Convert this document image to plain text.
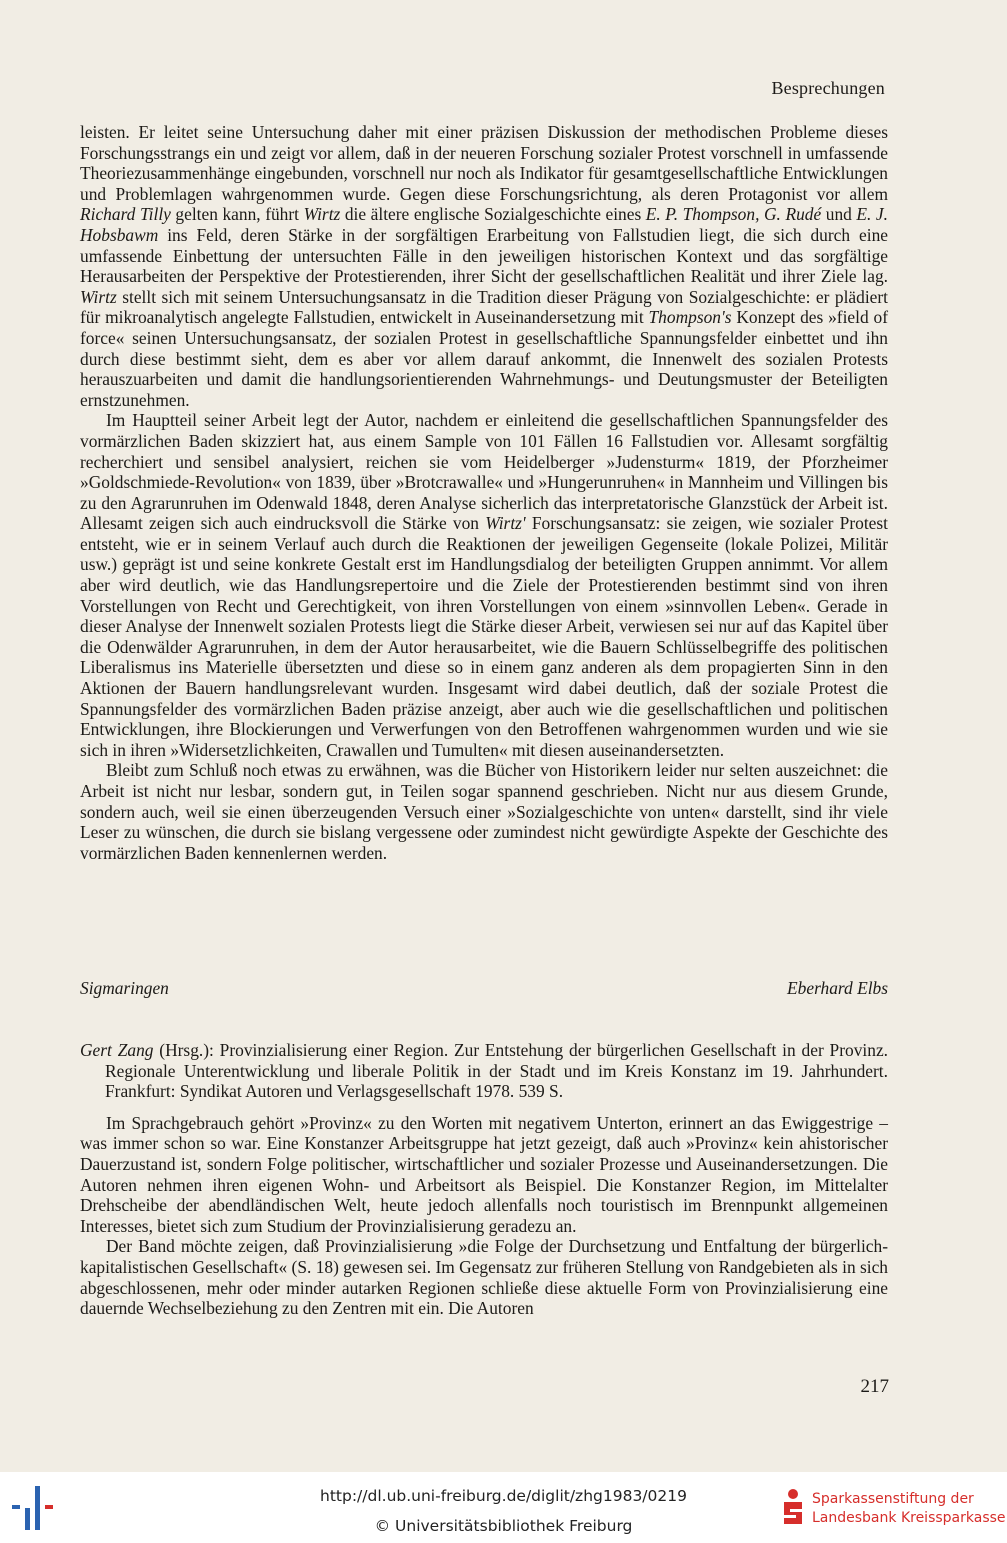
Besprechungen

leisten. Er leitet seine Untersuchung daher mit einer präzisen Diskussion der methodischen Probleme dieses Forschungsstrangs ein und zeigt vor allem, daß in der neueren Forschung sozialer Protest vorschnell in umfassende Theoriezusammenhänge eingebunden, vorschnell nur noch als Indikator für gesamtgesellschaftliche Entwicklungen und Problemlagen wahrgenommen wurde. Gegen diese Forschungsrichtung, als deren Protagonist vor allem Richard Tilly gelten kann, führt Wirtz die ältere englische Sozialgeschichte eines E. P. Thompson, G. Rudé und E. J. Hobsbawm ins Feld, deren Stärke in der sorgfältigen Erarbeitung von Fallstudien liegt, die sich durch eine umfassende Einbettung der untersuchten Fälle in den jeweiligen historischen Kontext und das sorgfältige Herausarbeiten der Perspektive der Protestierenden, ihrer Sicht der gesellschaftlichen Realität und ihrer Ziele lag. Wirtz stellt sich mit seinem Untersuchungsansatz in die Tradition dieser Prägung von Sozialgeschichte: er plädiert für mikroanalytisch angelegte Fallstudien, entwickelt in Auseinandersetzung mit Thompson's Konzept des »field of force« seinen Untersuchungsansatz, der sozialen Protest in gesellschaftliche Spannungsfelder einbettet und ihn durch diese bestimmt sieht, dem es aber vor allem darauf ankommt, die Innenwelt des sozialen Protests herauszuarbeiten und damit die handlungsorientierenden Wahrnehmungs- und Deutungsmuster der Beteiligten ernstzunehmen.

Im Hauptteil seiner Arbeit legt der Autor, nachdem er einleitend die gesellschaftlichen Spannungsfelder des vormärzlichen Baden skizziert hat, aus einem Sample von 101 Fällen 16 Fallstudien vor. Allesamt sorgfältig recherchiert und sensibel analysiert, reichen sie vom Heidelberger »Judensturm« 1819, der Pforzheimer »Goldschmiede-Revolution« von 1839, über »Brotcrawalle« und »Hungerunruhen« in Mannheim und Villingen bis zu den Agrarunruhen im Odenwald 1848, deren Analyse sicherlich das interpretatorische Glanzstück der Arbeit ist. Allesamt zeigen sich auch eindrucksvoll die Stärke von Wirtz' Forschungsansatz: sie zeigen, wie sozialer Protest entsteht, wie er in seinem Verlauf auch durch die Reaktionen der jeweiligen Gegenseite (lokale Polizei, Militär usw.) geprägt ist und seine konkrete Gestalt erst im Handlungsdialog der beteiligten Gruppen annimmt. Vor allem aber wird deutlich, wie das Handlungsrepertoire und die Ziele der Protestierenden bestimmt sind von ihren Vorstellungen von Recht und Gerechtigkeit, von ihren Vorstellungen von einem »sinnvollen Leben«. Gerade in dieser Analyse der Innenwelt sozialen Protests liegt die Stärke dieser Arbeit, verwiesen sei nur auf das Kapitel über die Odenwälder Agrarunruhen, in dem der Autor herausarbeitet, wie die Bauern Schlüsselbegriffe des politischen Liberalismus ins Materielle übersetzten und diese so in einem ganz anderen als dem propagierten Sinn in den Aktionen der Bauern handlungsrelevant wurden. Insgesamt wird dabei deutlich, daß der soziale Protest die Spannungsfelder des vormärzlichen Baden präzise anzeigt, aber auch wie die gesellschaftlichen und politischen Entwicklungen, ihre Blockierungen und Verwerfungen von den Betroffenen wahrgenommen wurden und wie sie sich in ihren »Widersetzlichkeiten, Crawallen und Tumulten« mit diesen auseinandersetzten.

Bleibt zum Schluß noch etwas zu erwähnen, was die Bücher von Historikern leider nur selten auszeichnet: die Arbeit ist nicht nur lesbar, sondern gut, in Teilen sogar spannend geschrieben. Nicht nur aus diesem Grunde, sondern auch, weil sie einen überzeugenden Versuch einer »Sozialgeschichte von unten« darstellt, sind ihr viele Leser zu wünschen, die durch sie bislang vergessene oder zumindest nicht gewürdigte Aspekte der Geschichte des vormärzlichen Baden kennenlernen werden.

Sigmaringen	Eberhard Elbs

Gert Zang (Hrsg.): Provinzialisierung einer Region. Zur Entstehung der bürgerlichen Gesellschaft in der Provinz. Regionale Unterentwicklung und liberale Politik in der Stadt und im Kreis Konstanz im 19. Jahrhundert. Frankfurt: Syndikat Autoren und Verlagsgesellschaft 1978. 539 S.

Im Sprachgebrauch gehört »Provinz« zu den Worten mit negativem Unterton, erinnert an das Ewiggestrige – was immer schon so war. Eine Konstanzer Arbeitsgruppe hat jetzt gezeigt, daß auch »Provinz« kein ahistorischer Dauerzustand ist, sondern Folge politischer, wirtschaftlicher und sozialer Prozesse und Auseinandersetzungen. Die Autoren nehmen ihren eigenen Wohn- und Arbeitsort als Beispiel. Die Konstanzer Region, im Mittelalter Drehscheibe der abendländischen Welt, heute jedoch allenfalls noch touristisch im Brennpunkt allgemeinen Interesses, bietet sich zum Studium der Provinzialisierung geradezu an.

Der Band möchte zeigen, daß Provinzialisierung »die Folge der Durchsetzung und Entfaltung der bürgerlich-kapitalistischen Gesellschaft« (S. 18) gewesen sei. Im Gegensatz zur früheren Stellung von Randgebieten als in sich abgeschlossenen, mehr oder minder autarken Regionen schließe diese aktuelle Form von Provinzialisierung eine dauernde Wechselbeziehung zu den Zentren mit ein. Die Autoren

217
http://dl.ub.uni-freiburg.de/diglit/zhg1983/0219
© Universitätsbibliothek Freiburg
Sparkassenstiftung der
Landesbank Kreissparkasse
